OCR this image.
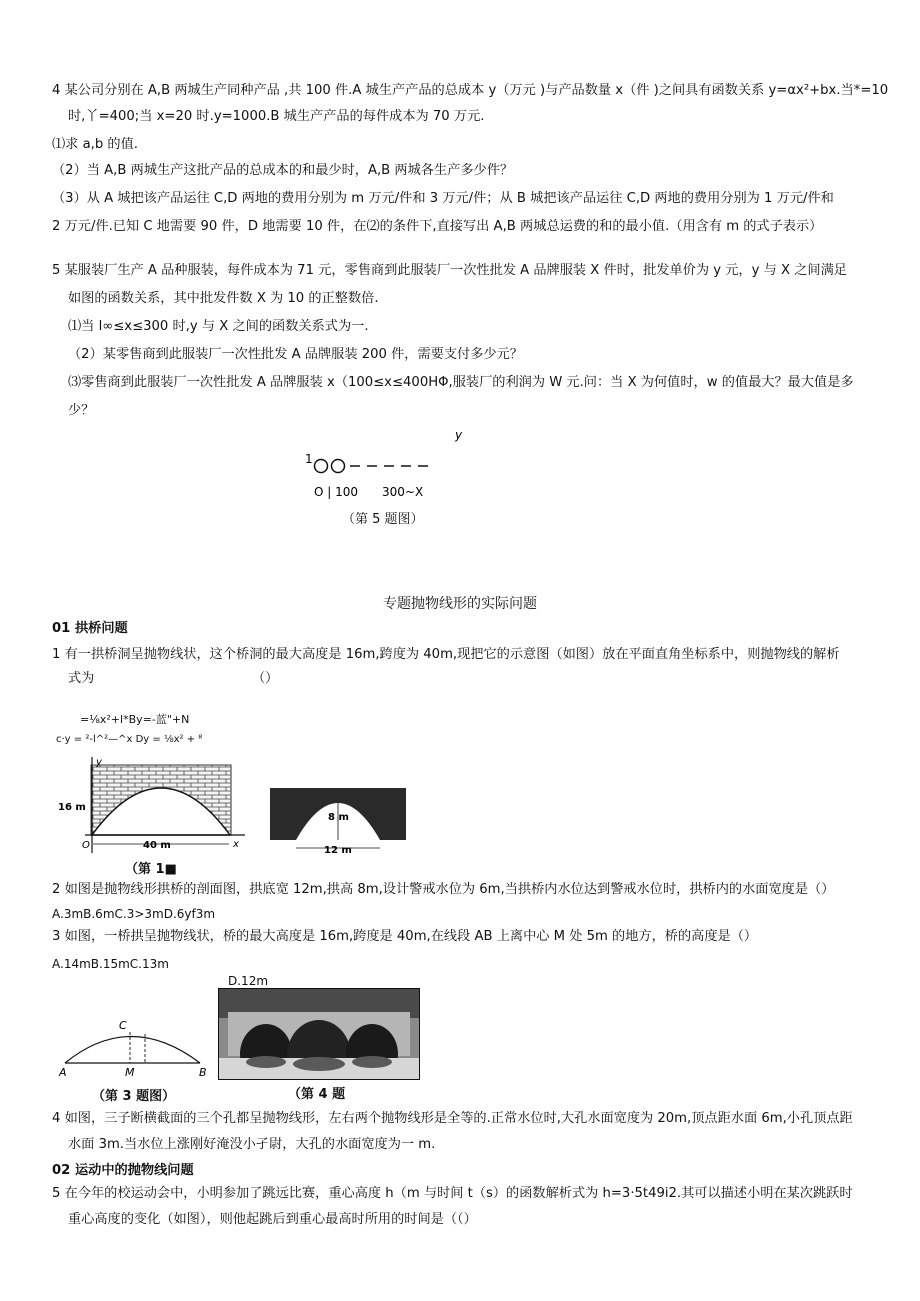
4 某公司分别在 A,B 两城生产同种产品 ,共 100 件.A 城生产产品的总成本 y（万元 )与产品数量 x（件 )之间具有函数关系 y=αx²+bx.当*=10
时,丫=400;当 x=20 时.y=1000.B 城生产产品的每件成本为 70 万元.
⑴求 a,b 的值.
（2）当 A,B 两城生产这批产品的总成本的和最少时，A,B 两城各生产多少件？
（3）从 A 城把该产品运往 C,D 两地的费用分别为 m 万元/件和 3 万元/件；从 B 城把该产品运往 C,D 两地的费用分别为 1 万元/件和
2 万元/件.已知 C 地需要 90 件，D 地需要 10 件，在⑵的条件下,直接写出 A,B 两城总运费的和的最小值.（用含有 m 的式子表示）
5 某服装厂生产 A 品种服装，每件成本为 71 元，零售商到此服装厂一次性批发 A 品牌服装 X 件时，批发单价为 y 元，y 与 X 之间满足
如图的函数关系，其中批发件数 X 为 10 的正整数倍.
⑴当 l∞≤x≤300 时,y 与 X 之间的函数关系式为一.
（2）某零售商到此服装厂一次性批发 A 品牌服装 200 件，需要支付多少元？
⑶零售商到此服装厂一次性批发 A 品牌服装 x（100≤x≤400HΦ,服装厂的利润为 W 元.问：当 X 为何值时，w 的值最大？最大值是多
少？
y
1
O | 100 300~X
（第 5 题图）
专题抛物线形的实际问题
01 拱桥问题
1 有一拱桥洞呈抛物线状，这个桥洞的最大高度是 16m,跨度为 40m,现把它的示意图（如图）放在平面直角坐标系中，则抛物线的解析
式为	（）
=⅛x²+l*By=-蓝"+N
c·y = ²-l^²—^x Dy = ⅛x² + ⁸
y
x
O
16 m
40 m
（第 1■
8 m
12 m
2 如图是抛物线形拱桥的剖面图，拱底宽 12m,拱高 8m,设计警戒水位为 6m,当拱桥内水位达到警戒水位时，拱桥内的水面宽度是（）
A.3mB.6mC.3>3mD.6yf3m
3 如图，一桥拱呈抛物线状，桥的最大高度是 16m,跨度是 40m,在线段 AB 上离中心 M 处 5m 的地方，桥的高度是（）
A.14mB.15mC.13m
D.12m
C
A	M	B
（第 3 题图）	（第 4 题
4 如图，三子断横截面的三个孔都呈抛物线形，左右两个抛物线形是全等的.正常水位时,大孔水面宽度为 20m,顶点距水面 6m,小孔顶点距
水面 3m.当水位上涨刚好淹没小孑尉，大孔的水面宽度为一 m.
02 运动中的抛物线问题
5 在今年的校运动会中，小明参加了跳远比赛，重心高度 h（m 与时间 t（s）的函数解析式为 h=3·5t49i2.其可以描述小明在某次跳跃时
重心高度的变化（如图），则他起跳后到重心最高时所用的时间是（（）
